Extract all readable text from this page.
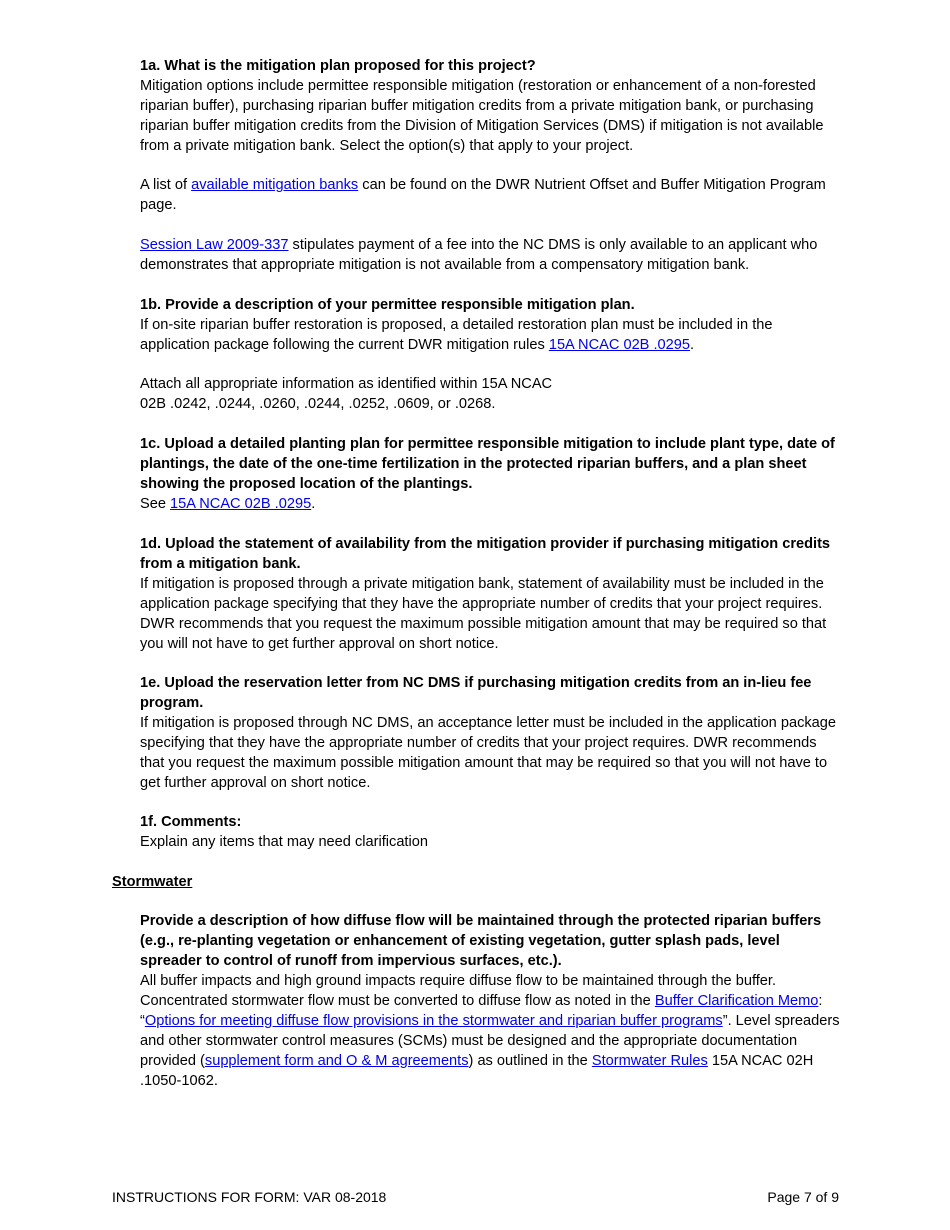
1a. What is the mitigation plan proposed for this project?

Mitigation options include permittee responsible mitigation (restoration or enhancement of a non-forested riparian buffer), purchasing riparian buffer mitigation credits from a private mitigation bank, or purchasing riparian buffer mitigation credits from the Division of Mitigation Services (DMS) if mitigation is not available from a private mitigation bank. Select the option(s) that apply to your project.

A list of available mitigation banks can be found on the DWR Nutrient Offset and Buffer Mitigation Program page.

Session Law 2009-337 stipulates payment of a fee into the NC DMS is only available to an applicant who demonstrates that appropriate mitigation is not available from a compensatory mitigation bank.

1b. Provide a description of your permittee responsible mitigation plan.

If on-site riparian buffer restoration is proposed, a detailed restoration plan must be included in the application package following the current DWR mitigation rules 15A NCAC 02B .0295.

Attach all appropriate information as identified within 15A NCAC

02B .0242, .0244, .0260, .0244, .0252, .0609, or .0268.

1c. Upload a detailed planting plan for permittee responsible mitigation to include plant type, date of plantings, the date of the one-time fertilization in the protected riparian buffers, and a plan sheet showing the proposed location of the plantings.

See 15A NCAC 02B .0295.

1d. Upload the statement of availability from the mitigation provider if purchasing mitigation credits from a mitigation bank.

If mitigation is proposed through a private mitigation bank, statement of availability must be included in the application package specifying that they have the appropriate number of credits that your project requires. DWR recommends that you request the maximum possible mitigation amount that may be required so that you will not have to get further approval on short notice.

1e. Upload the reservation letter from NC DMS if purchasing mitigation credits from an in-lieu fee program.

If mitigation is proposed through NC DMS, an acceptance letter must be included in the application package specifying that they have the appropriate number of credits that your project requires. DWR recommends that you request the maximum possible mitigation amount that may be required so that you will not have to get further approval on short notice.

1f. Comments:

Explain any items that may need clarification

Stormwater

Provide a description of how diffuse flow will be maintained through the protected riparian buffers (e.g., re-planting vegetation or enhancement of existing vegetation, gutter splash pads, level spreader to control of runoff from impervious surfaces, etc.).

All buffer impacts and high ground impacts require diffuse flow to be maintained through the buffer. Concentrated stormwater flow must be converted to diffuse flow as noted in the Buffer Clarification Memo: “Options for meeting diffuse flow provisions in the stormwater and riparian buffer programs”. Level spreaders and other stormwater control measures (SCMs) must be designed and the appropriate documentation provided (supplement form and O & M agreements) as outlined in the Stormwater Rules 15A NCAC 02H .1050-1062.

INSTRUCTIONS FOR FORM: VAR 08-2018	Page 7 of 9
